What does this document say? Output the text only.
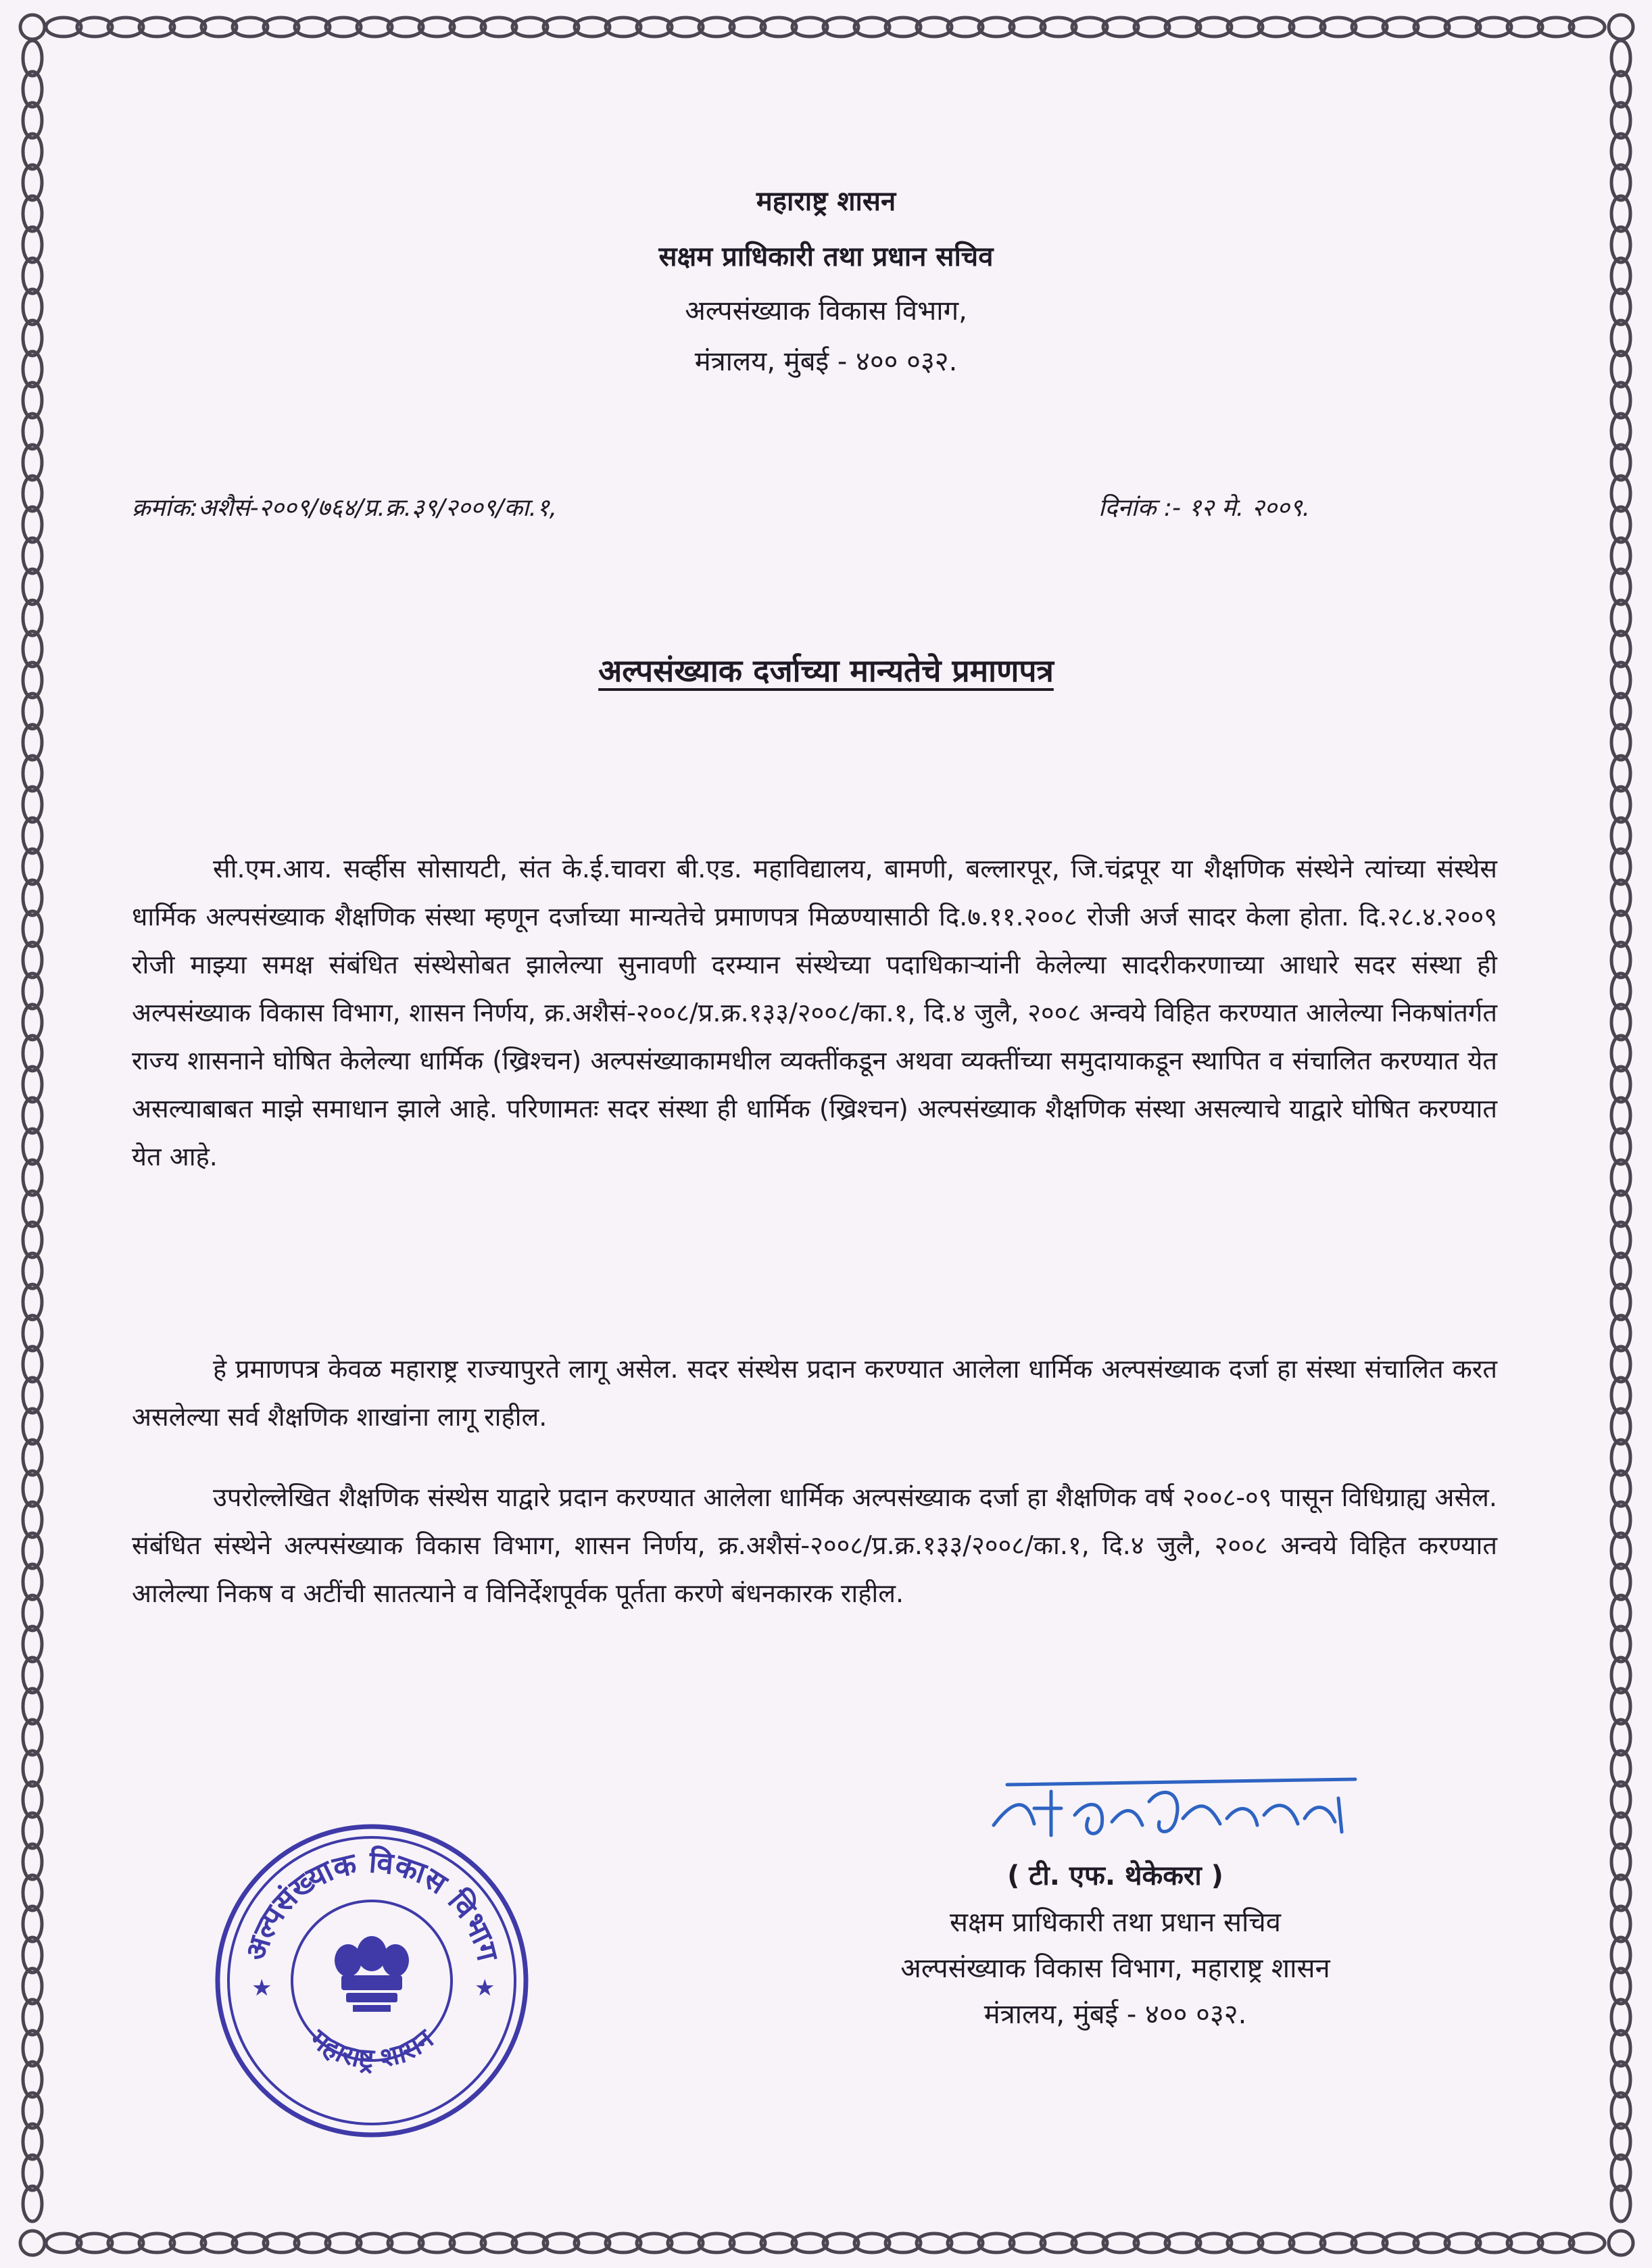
महाराष्ट्र शासन
सक्षम प्राधिकारी तथा प्रधान सचिव
अल्पसंख्याक विकास विभाग,
मंत्रालय, मुंबई - ४०० ०३२.
क्रमांक:अशैसं-२००९/७६४/प्र.क्र.३९/२००९/का.१,	दिनांक :- १२ मे. २००९.
अल्पसंख्याक दर्जाच्या मान्यतेचे प्रमाणपत्र

सी.एम.आय. सर्व्हीस सोसायटी, संत के.ई.चावरा बी.एड. महाविद्यालय, बामणी, बल्लारपूर, जि.चंद्रपूर या शैक्षणिक संस्थेने त्यांच्या संस्थेस धार्मिक अल्पसंख्याक शैक्षणिक संस्था म्हणून दर्जाच्या मान्यतेचे प्रमाणपत्र मिळण्यासाठी दि.७.११.२००८ रोजी अर्ज सादर केला होता. दि.२८.४.२००९ रोजी माझ्या समक्ष संबंधित संस्थेसोबत झालेल्या सुनावणी दरम्यान संस्थेच्या पदाधिकाऱ्यांनी केलेल्या सादरीकरणाच्या आधारे सदर संस्था ही अल्पसंख्याक विकास विभाग, शासन निर्णय, क्र.अशैसं-२००८/प्र.क्र.१३३/२००८/का.१, दि.४ जुलै, २००८ अन्वये विहित करण्यात आलेल्या निकषांतर्गत राज्य शासनाने घोषित केलेल्या धार्मिक (ख्रिश्चन) अल्पसंख्याकामधील व्यक्तींकडून अथवा व्यक्तींच्या समुदायाकडून स्थापित व संचालित करण्यात येत असल्याबाबत माझे समाधान झाले आहे. परिणामतः सदर संस्था ही धार्मिक (ख्रिश्चन) अल्पसंख्याक शैक्षणिक संस्था असल्याचे याद्वारे घोषित करण्यात येत आहे.

हे प्रमाणपत्र केवळ महाराष्ट्र राज्यापुरते लागू असेल. सदर संस्थेस प्रदान करण्यात आलेला धार्मिक अल्पसंख्याक दर्जा हा संस्था संचालित करत असलेल्या सर्व शैक्षणिक शाखांना लागू राहील.

उपरोल्लेखित शैक्षणिक संस्थेस याद्वारे प्रदान करण्यात आलेला धार्मिक अल्पसंख्याक दर्जा हा शैक्षणिक वर्ष २००८-०९ पासून विधिग्राह्य असेल. संबंधित संस्थेने अल्पसंख्याक विकास विभाग, शासन निर्णय, क्र.अशैसं-२००८/प्र.क्र.१३३/२००८/का.१, दि.४ जुलै, २००८ अन्वये विहित करण्यात आलेल्या निकष व अटींची सातत्याने व विनिर्देशपूर्वक पूर्तता करणे बंधनकारक राहील.

( टी. एफ. थेकेकरा )
सक्षम प्राधिकारी तथा प्रधान सचिव
अल्पसंख्याक विकास विभाग, महाराष्ट्र शासन
मंत्रालय, मुंबई - ४०० ०३२.
अल्पसंख्याक विकास विभाग
महाराष्ट्र शासन
★	★
